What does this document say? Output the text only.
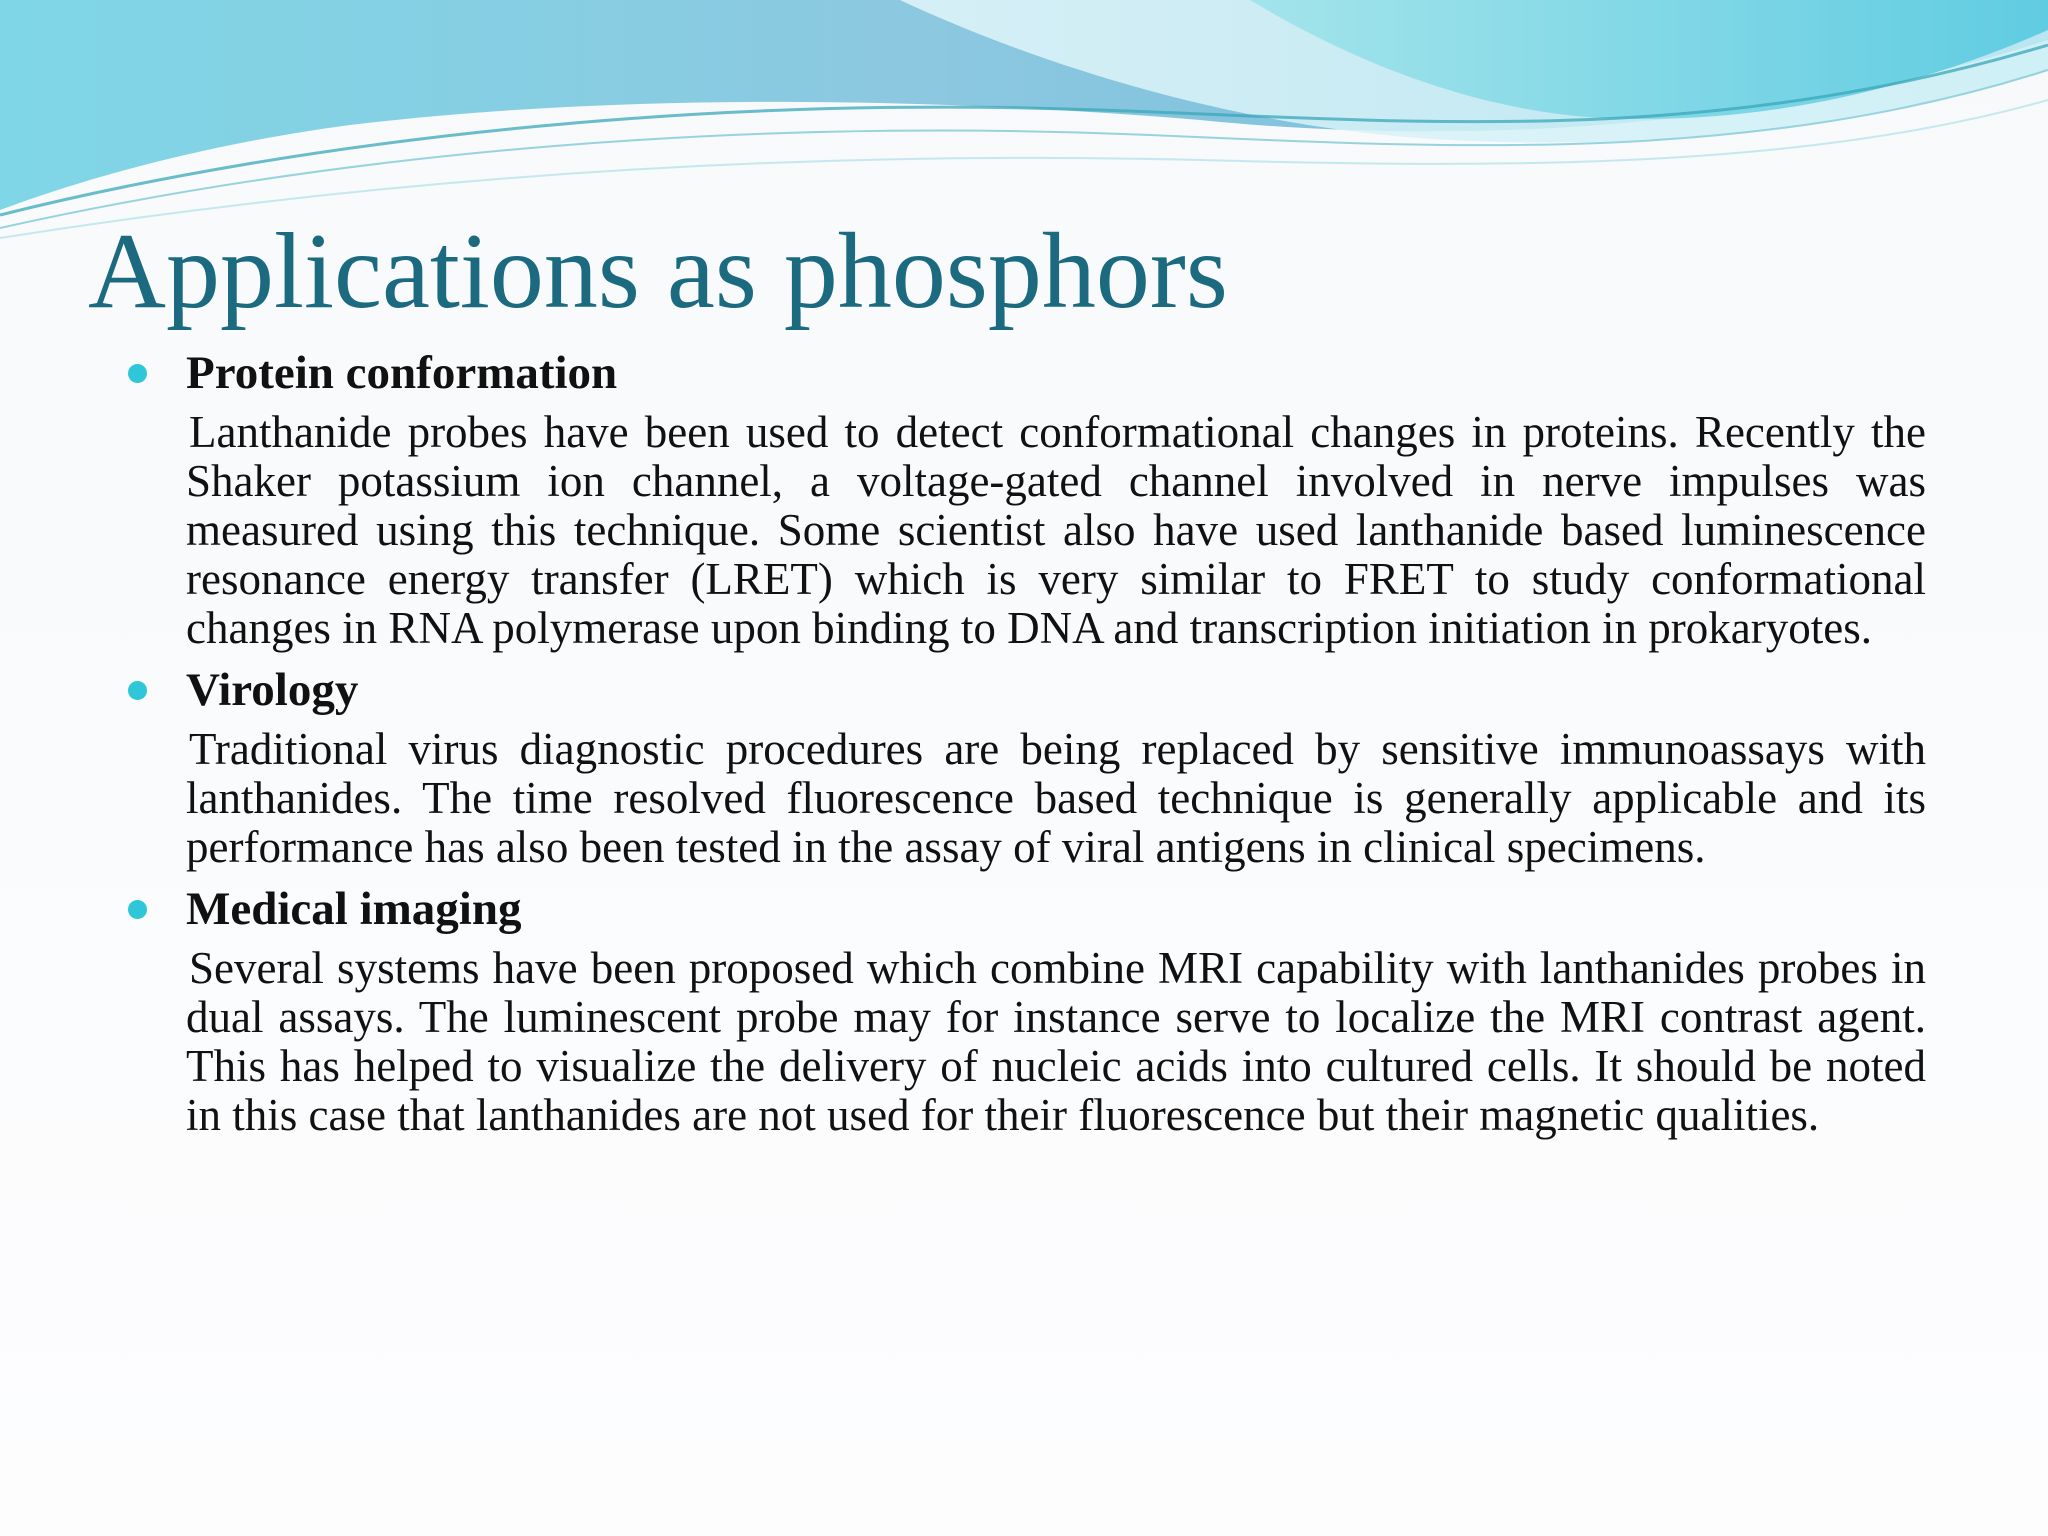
Applications as phosphors
Protein conformation

Lanthanide probes have been used to detect conformational changes in proteins. Recently the Shaker potassium ion channel, a voltage-gated channel involved in nerve impulses was measured using this technique. Some scientist also have used lanthanide based luminescence resonance energy transfer (LRET) which is very similar to FRET to study conformational changes in RNA polymerase upon binding to DNA and transcription initiation in prokaryotes.

Virology

Traditional virus diagnostic procedures are being replaced by sensitive immunoassays with lanthanides. The time resolved fluorescence based technique is generally applicable and its performance has also been tested in the assay of viral antigens in clinical specimens.

Medical imaging

Several systems have been proposed which combine MRI capability with lanthanides probes in dual assays. The luminescent probe may for instance serve to localize the MRI contrast agent. This has helped to visualize the delivery of nucleic acids into cultured cells. It should be noted in this case that lanthanides are not used for their fluorescence but their magnetic qualities.
